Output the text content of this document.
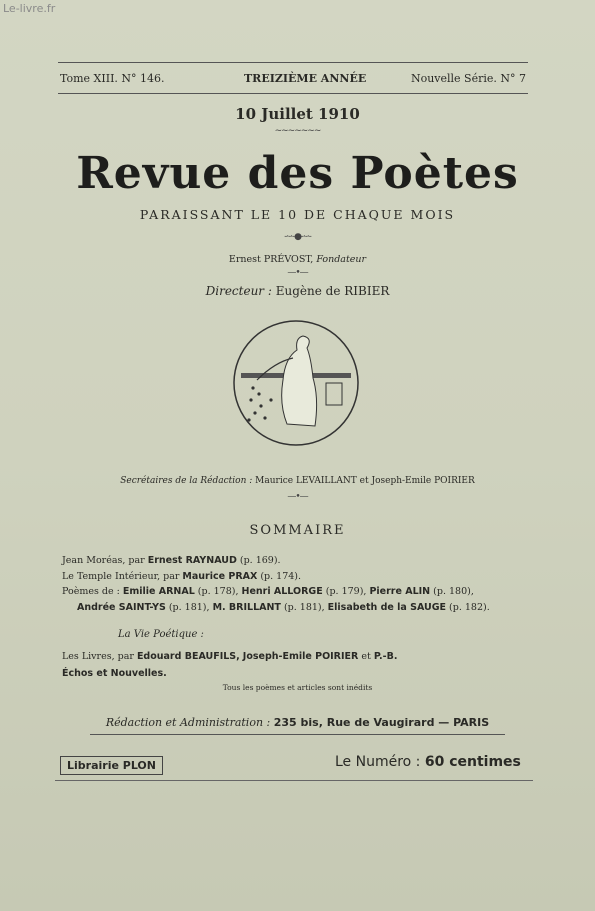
Le-livre.fr
Tome XIII. N° 146.	TREIZIÈME ANNÉE	Nouvelle Série. N° 7
10 Juillet 1910
~~~~~~~
Revue des Poètes
PARAISSANT LE 10 DE CHAQUE MOIS
-·-·-●-·-·-
Ernest PRÉVOST, Fondateur
—•—
Directeur : Eugène de RIBIER
Secrétaires de la Rédaction : Maurice LEVAILLANT et Joseph-Emile POIRIER
—•—
SOMMAIRE
Jean Moréas, par Ernest RAYNAUD (p. 169).
Le Temple Intérieur, par Maurice PRAX (p. 174).
Poèmes de : Emilie ARNAL (p. 178), Henri ALLORGE (p. 179), Pierre ALIN (p. 180),
Andrée SAINT-YS (p. 181), M. BRILLANT (p. 181), Elisabeth de la SAUGE (p. 182).
La Vie Poétique :
Les Livres, par Edouard BEAUFILS, Joseph-Emile POIRIER et P.-B.
Échos et Nouvelles.
Tous les poèmes et articles sont inédits
Rédaction et Administration : 235 bis, Rue de Vaugirard — PARIS
Librairie PLON	Le Numéro : 60 centimes
